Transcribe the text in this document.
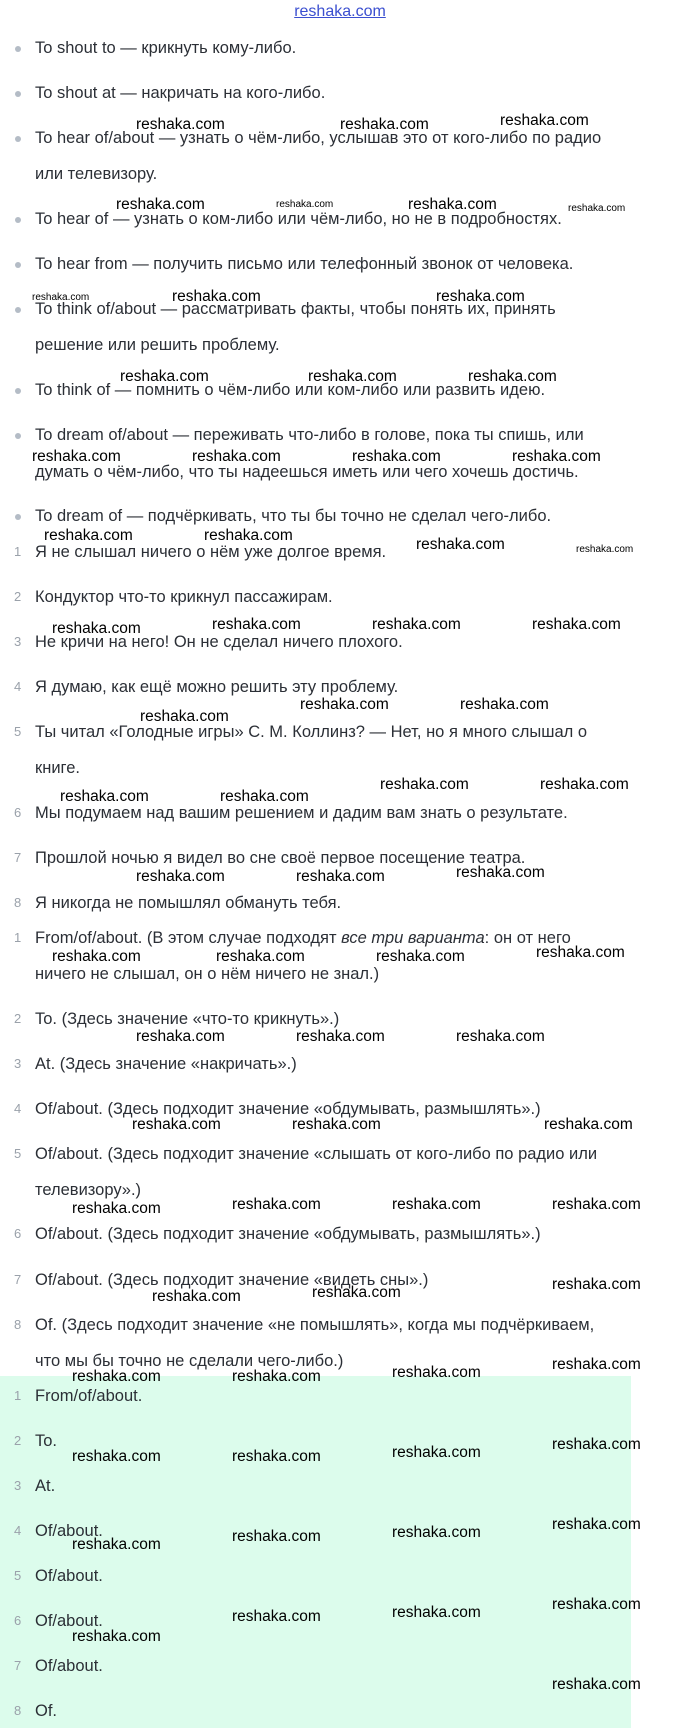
reshaka.com
To shout to — крикнуть кому-либо.
To shout at — накричать на кого-либо.
To hear of/about — узнать о чём-либо, услышав это от кого-либо по радио
или телевизору.
To hear of — узнать о ком-либо или чём-либо, но не в подробностях.
To hear from — получить письмо или телефонный звонок от человека.
To think of/about — рассматривать факты, чтобы понять их, принять
решение или решить проблему.
To think of — помнить о чём-либо или ком-либо или развить идею.
To dream of/about — переживать что-либо в голове, пока ты спишь, или
думать о чём-либо, что ты надеешься иметь или чего хочешь достичь.
To dream of — подчёркивать, что ты бы точно не сделал чего-либо.
1 Я не слышал ничего о нём уже долгое время.
2 Кондуктор что-то крикнул пассажирам.
3 Не кричи на него! Он не сделал ничего плохого.
4 Я думаю, как ещё можно решить эту проблему.
5 Ты читал «Голодные игры» С. М. Коллинз? — Нет, но я много слышал о
книге.
6 Мы подумаем над вашим решением и дадим вам знать о результате.
7 Прошлой ночью я видел во сне своё первое посещение театра.
8 Я никогда не помышлял обмануть тебя.
1 From/of/about. (В этом случае подходят все три варианта: он от него
ничего не слышал, он о нём ничего не знал.)
2 To. (Здесь значение «что-то крикнуть».)
3 At. (Здесь значение «накричать».)
4 Of/about. (Здесь подходит значение «обдумывать, размышлять».)
5 Of/about. (Здесь подходит значение «слышать от кого-либо по радио или
телевизору».)
6 Of/about. (Здесь подходит значение «обдумывать, размышлять».)
7 Of/about. (Здесь подходит значение «видеть сны».)
8 Of. (Здесь подходит значение «не помышлять», когда мы подчёркиваем,
что мы бы точно не сделали чего-либо.)
1 From/of/about.
2 To.
3 At.
4 Of/about.
5 Of/about.
6 Of/about.
7 Of/about.
8 Of.
reshaka.com	reshaka.com	reshaka.com
reshaka.com	reshaka.com	reshaka.com	reshaka.com
reshaka.com	reshaka.com	reshaka.com
reshaka.com	reshaka.com	reshaka.com
reshaka.com	reshaka.com	reshaka.com	reshaka.com
reshaka.com	reshaka.com
reshaka.com	reshaka.com
reshaka.com	reshaka.com	reshaka.com	reshaka.com
reshaka.com
reshaka.com	reshaka.com
reshaka.com	reshaka.com
reshaka.com	reshaka.com
reshaka.com	reshaka.com	reshaka.com
reshaka.com	reshaka.com	reshaka.com	reshaka.com
reshaka.com	reshaka.com	reshaka.com
reshaka.com	reshaka.com	reshaka.com
reshaka.com	reshaka.com	reshaka.com	reshaka.com
reshaka.com	reshaka.com	reshaka.com
reshaka.com	reshaka.com	reshaka.com	reshaka.com
reshaka.com	reshaka.com	reshaka.com	reshaka.com
reshaka.com	reshaka.com	reshaka.com	reshaka.com
reshaka.com	reshaka.com	reshaka.com
reshaka.com
reshaka.com
